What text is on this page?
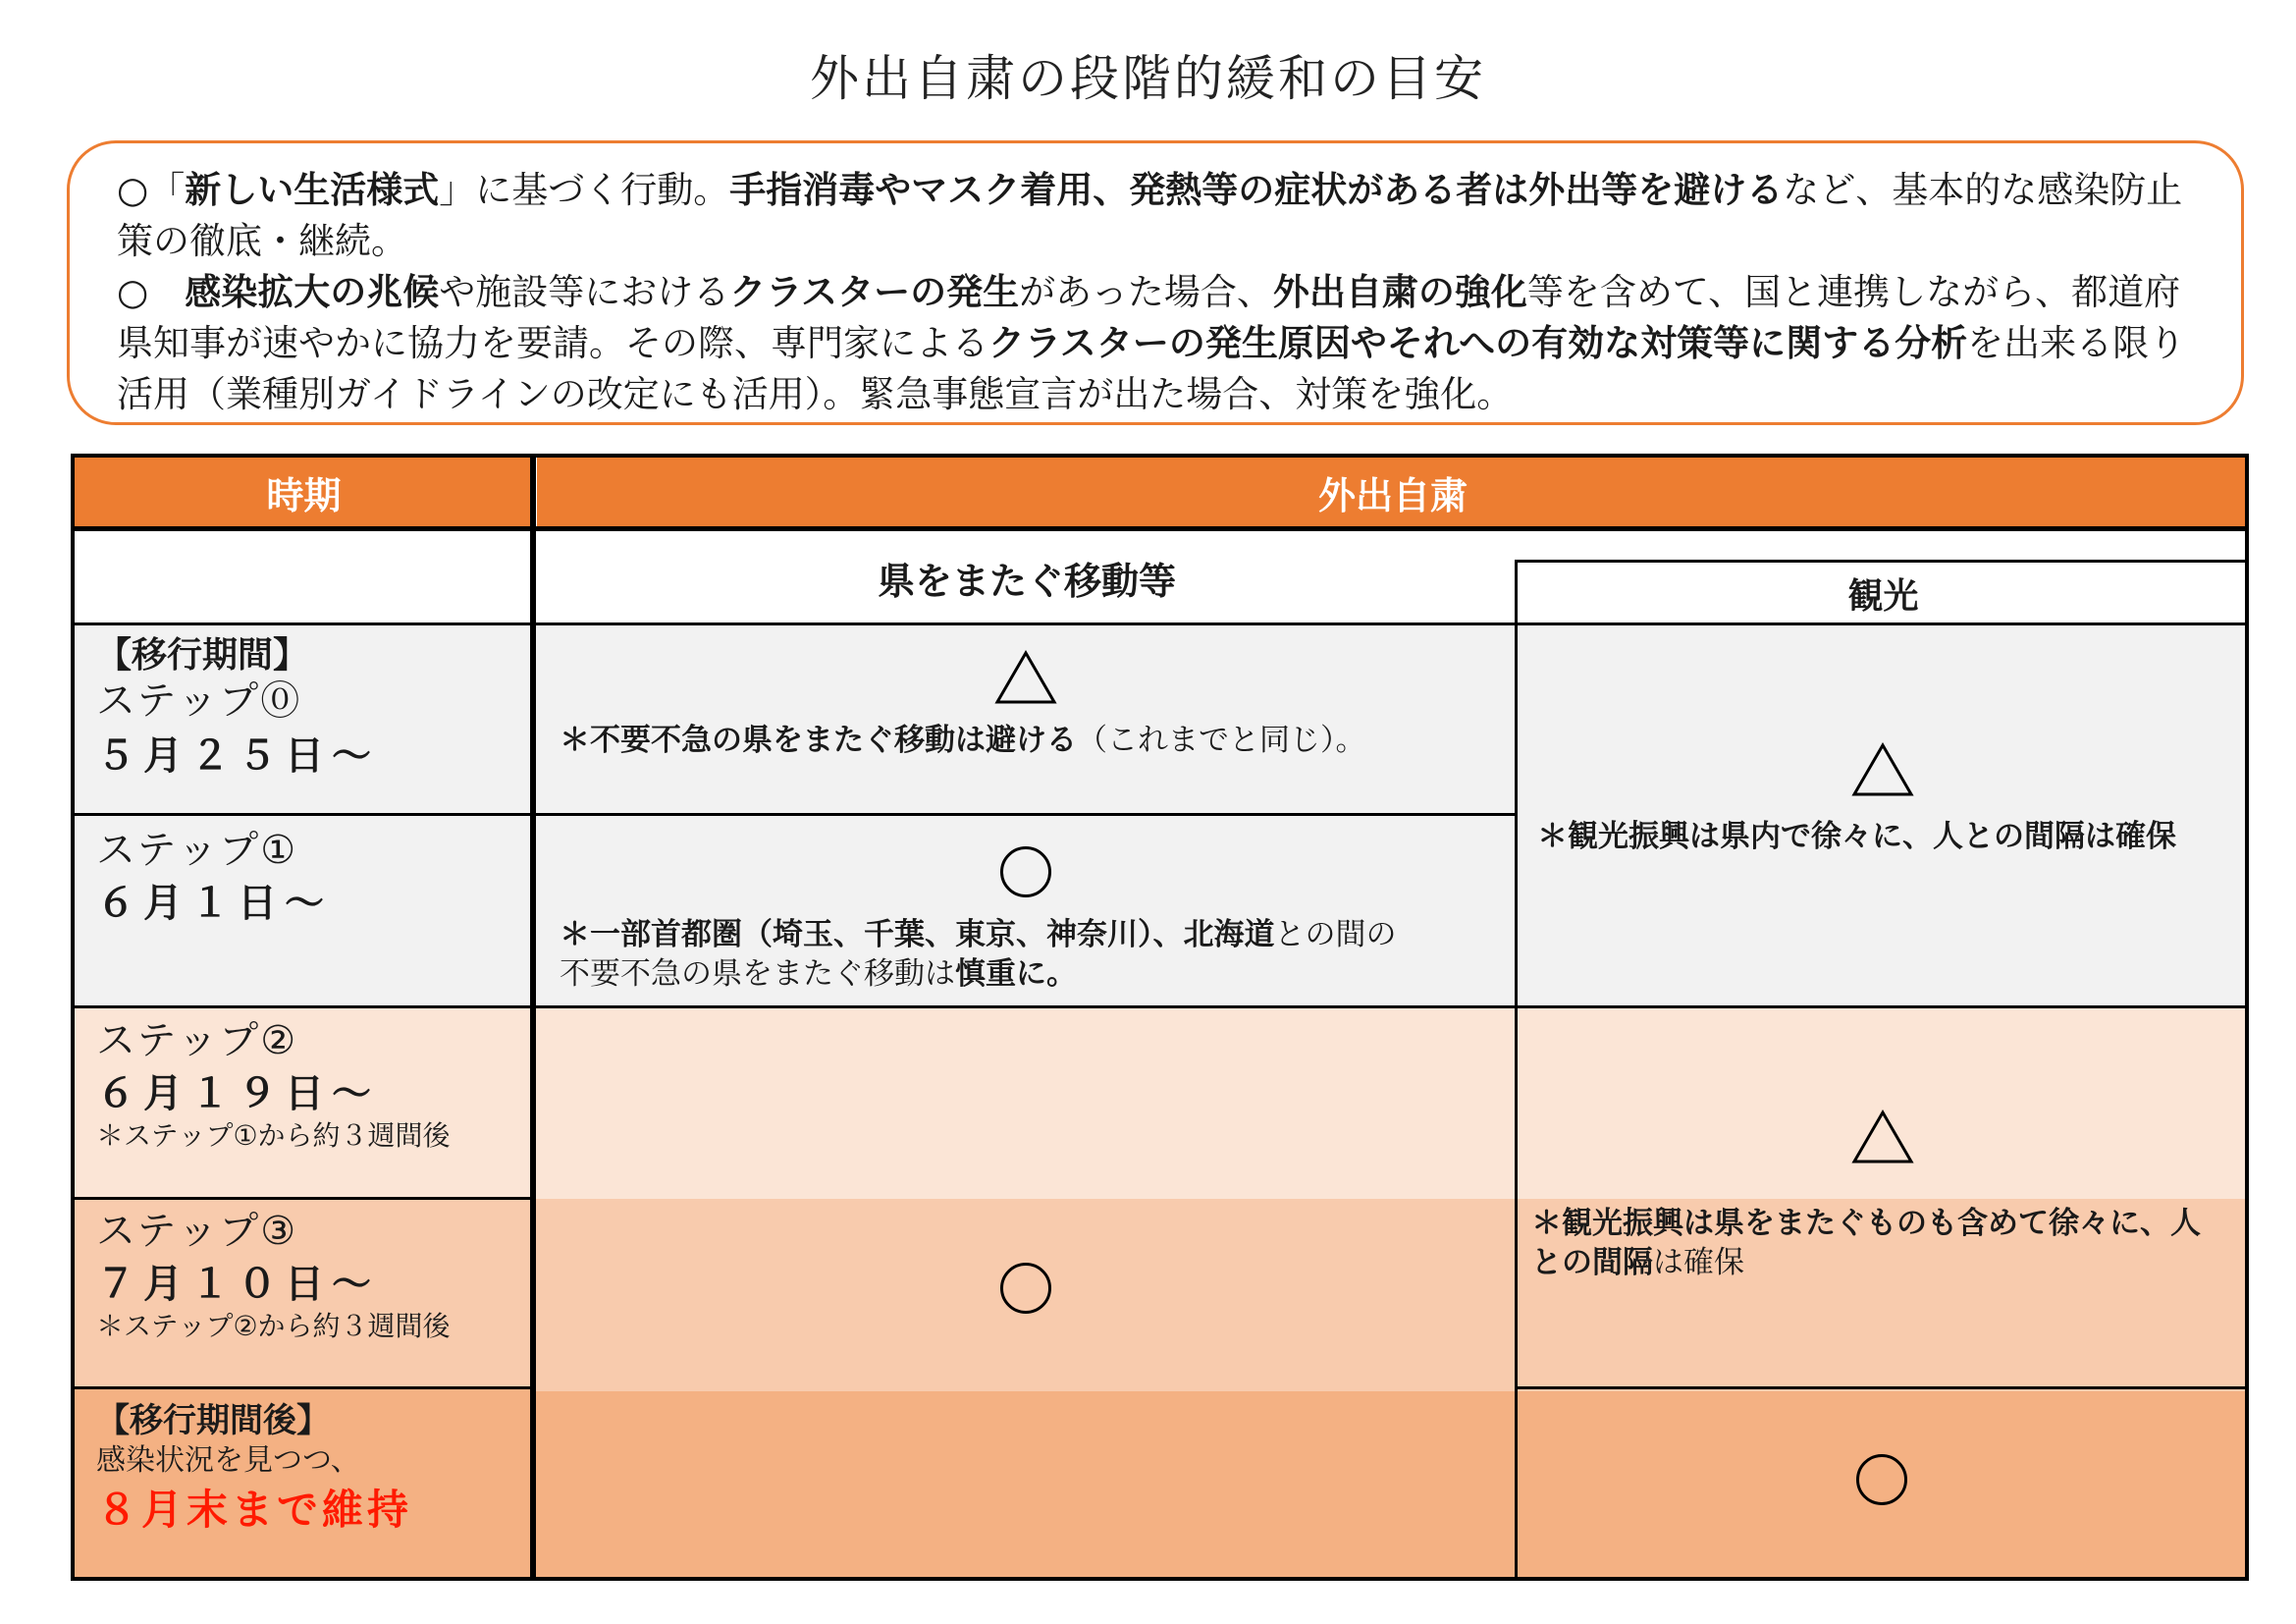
外出自粛の段階的緩和の目安

○「新しい生活様式」に基づく行動。手指消毒やマスク着用、発熱等の症状がある者は外出等を避けるなど、基本的な感染防止策の徹底・継続。

○　感染拡大の兆候や施設等におけるクラスターの発生があった場合、外出自粛の強化等を含めて、国と連携しながら、都道府県知事が速やかに協力を要請。その際、専門家によるクラスターの発生原因やそれへの有効な対策等に関する分析を出来る限り活用（業種別ガイドラインの改定にも活用）。緊急事態宣言が出た場合、対策を強化。

時期	外出自粛
県をまたぐ移動等	観光
【移行期間】
ステップ⓪
５月２５日～
ステップ①
６月１日～
ステップ②
６月１９日～
＊ステップ①から約３週間後
ステップ③
７月１０日～
＊ステップ②から約３週間後
【移行期間後】
感染状況を見つつ、
８月末まで維持
＊不要不急の県をまたぐ移動は避ける（これまでと同じ）。
＊一部首都圏（埼玉、千葉、東京、神奈川）、北海道との間の
不要不急の県をまたぐ移動は慎重に。
＊観光振興は県内で徐々に、人との間隔は確保
＊観光振興は県をまたぐものも含めて徐々に、人との間隔は確保
